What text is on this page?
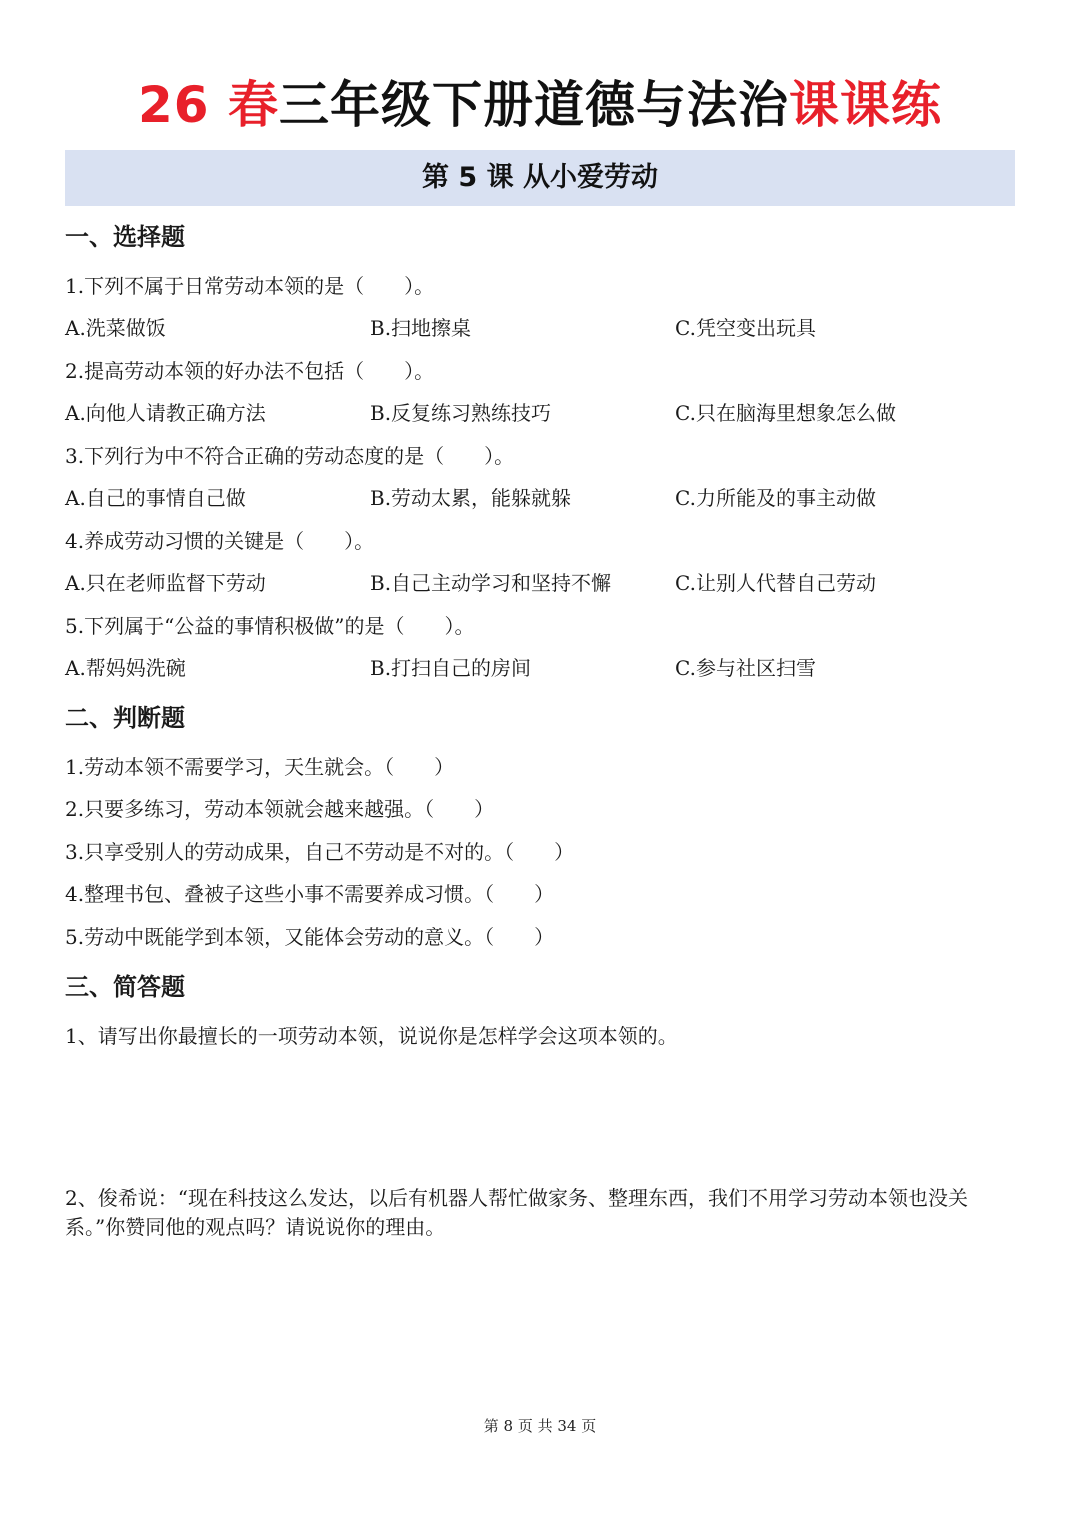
26 春三年级下册道德与法治课课练
第 5 课 从小爱劳动
一、选择题
1.下列不属于日常劳动本领的是（　　）。
A.洗菜做饭	B.扫地擦桌	C.凭空变出玩具
2.提高劳动本领的好办法不包括（　　）。
A.向他人请教正确方法	B.反复练习熟练技巧	C.只在脑海里想象怎么做
3.下列行为中不符合正确的劳动态度的是（　　）。
A.自己的事情自己做	B.劳动太累，能躲就躲	C.力所能及的事主动做
4.养成劳动习惯的关键是（　　）。
A.只在老师监督下劳动	B.自己主动学习和坚持不懈	C.让别人代替自己劳动
5.下列属于“公益的事情积极做”的是（　　）。
A.帮妈妈洗碗	B.打扫自己的房间	C.参与社区扫雪
二、判断题
1.劳动本领不需要学习，天生就会。（　　）
2.只要多练习，劳动本领就会越来越强。（　　）
3.只享受别人的劳动成果，自己不劳动是不对的。（　　）
4.整理书包、叠被子这些小事不需要养成习惯。（　　）
5.劳动中既能学到本领，又能体会劳动的意义。（　　）
三、简答题
1、请写出你最擅长的一项劳动本领，说说你是怎样学会这项本领的。
2、俊希说：“现在科技这么发达，以后有机器人帮忙做家务、整理东西，我们不用学习劳动本领也没关系。”你赞同他的观点吗？请说说你的理由。
第 8 页 共 34 页
